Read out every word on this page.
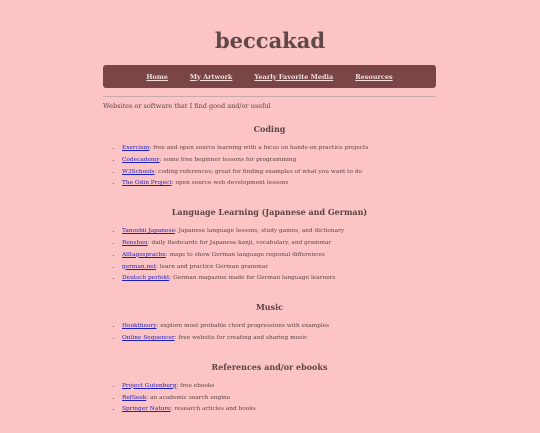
beccakad
Home	My Artwork	Yearly Favorite Media	Resources

Websites or software that I find good and/or useful

Coding
• Exercism: free and open source learning with a focus on hands-on practice projects
• Codecademy: some free beginner lessons for programming
• W3Schools: coding references; great for finding examples of what you want to do
• The Odin Project: open source web development lessons
Language Learning (Japanese and German)
• Tanoshii Japanese: Japanese language lessons, study games, and dictionary
• Renshuu: daily flashcards for Japanese kanji, vocabulary, and grammar
• Alltagssprache: maps to show German language regional differences
• german.net: learn and practice German grammar
• Deutsch perfekt: German magazine made for German language learners
Music
• Hooktheory: explore most probable chord progressions with examples
• Online Sequencer: free website for creating and sharing music
References and/or ebooks
• Project Gutenberg: free ebooks
• RefSeek: an academic search engine
• Springer Nature: research articles and books
